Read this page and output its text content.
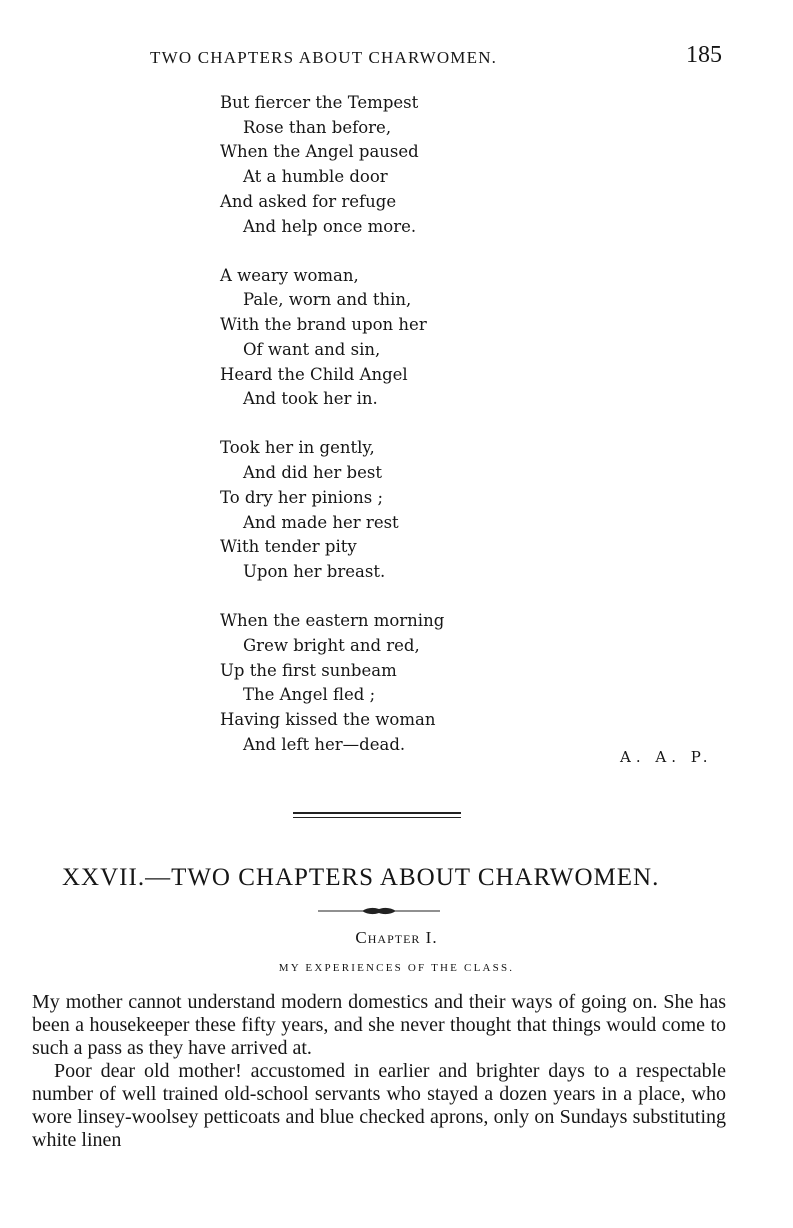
TWO CHAPTERS ABOUT CHARWOMEN.	185
But fiercer the Tempest
Rose than before,
When the Angel paused
At a humble door
And asked for refuge
And help once more.
A weary woman,
Pale, worn and thin,
With the brand upon her
Of want and sin,
Heard the Child Angel
And took her in.
Took her in gently,
And did her best
To dry her pinions ;
And made her rest
With tender pity
Upon her breast.
When the eastern morning
Grew bright and red,
Up the first sunbeam
The Angel fled ;
Having kissed the woman
And left her—dead.
A. A. P.
XXVII.—TWO CHAPTERS ABOUT CHARWOMEN.
Chapter I.
MY EXPERIENCES OF THE CLASS.

My mother cannot understand modern domestics and their ways of going on. She has been a housekeeper these fifty years, and she never thought that things would come to such a pass as they have arrived at.

Poor dear old mother! accustomed in earlier and brighter days to a respectable number of well trained old-school servants who stayed a dozen years in a place, who wore linsey-woolsey petticoats and blue checked aprons, only on Sundays substituting white linen
